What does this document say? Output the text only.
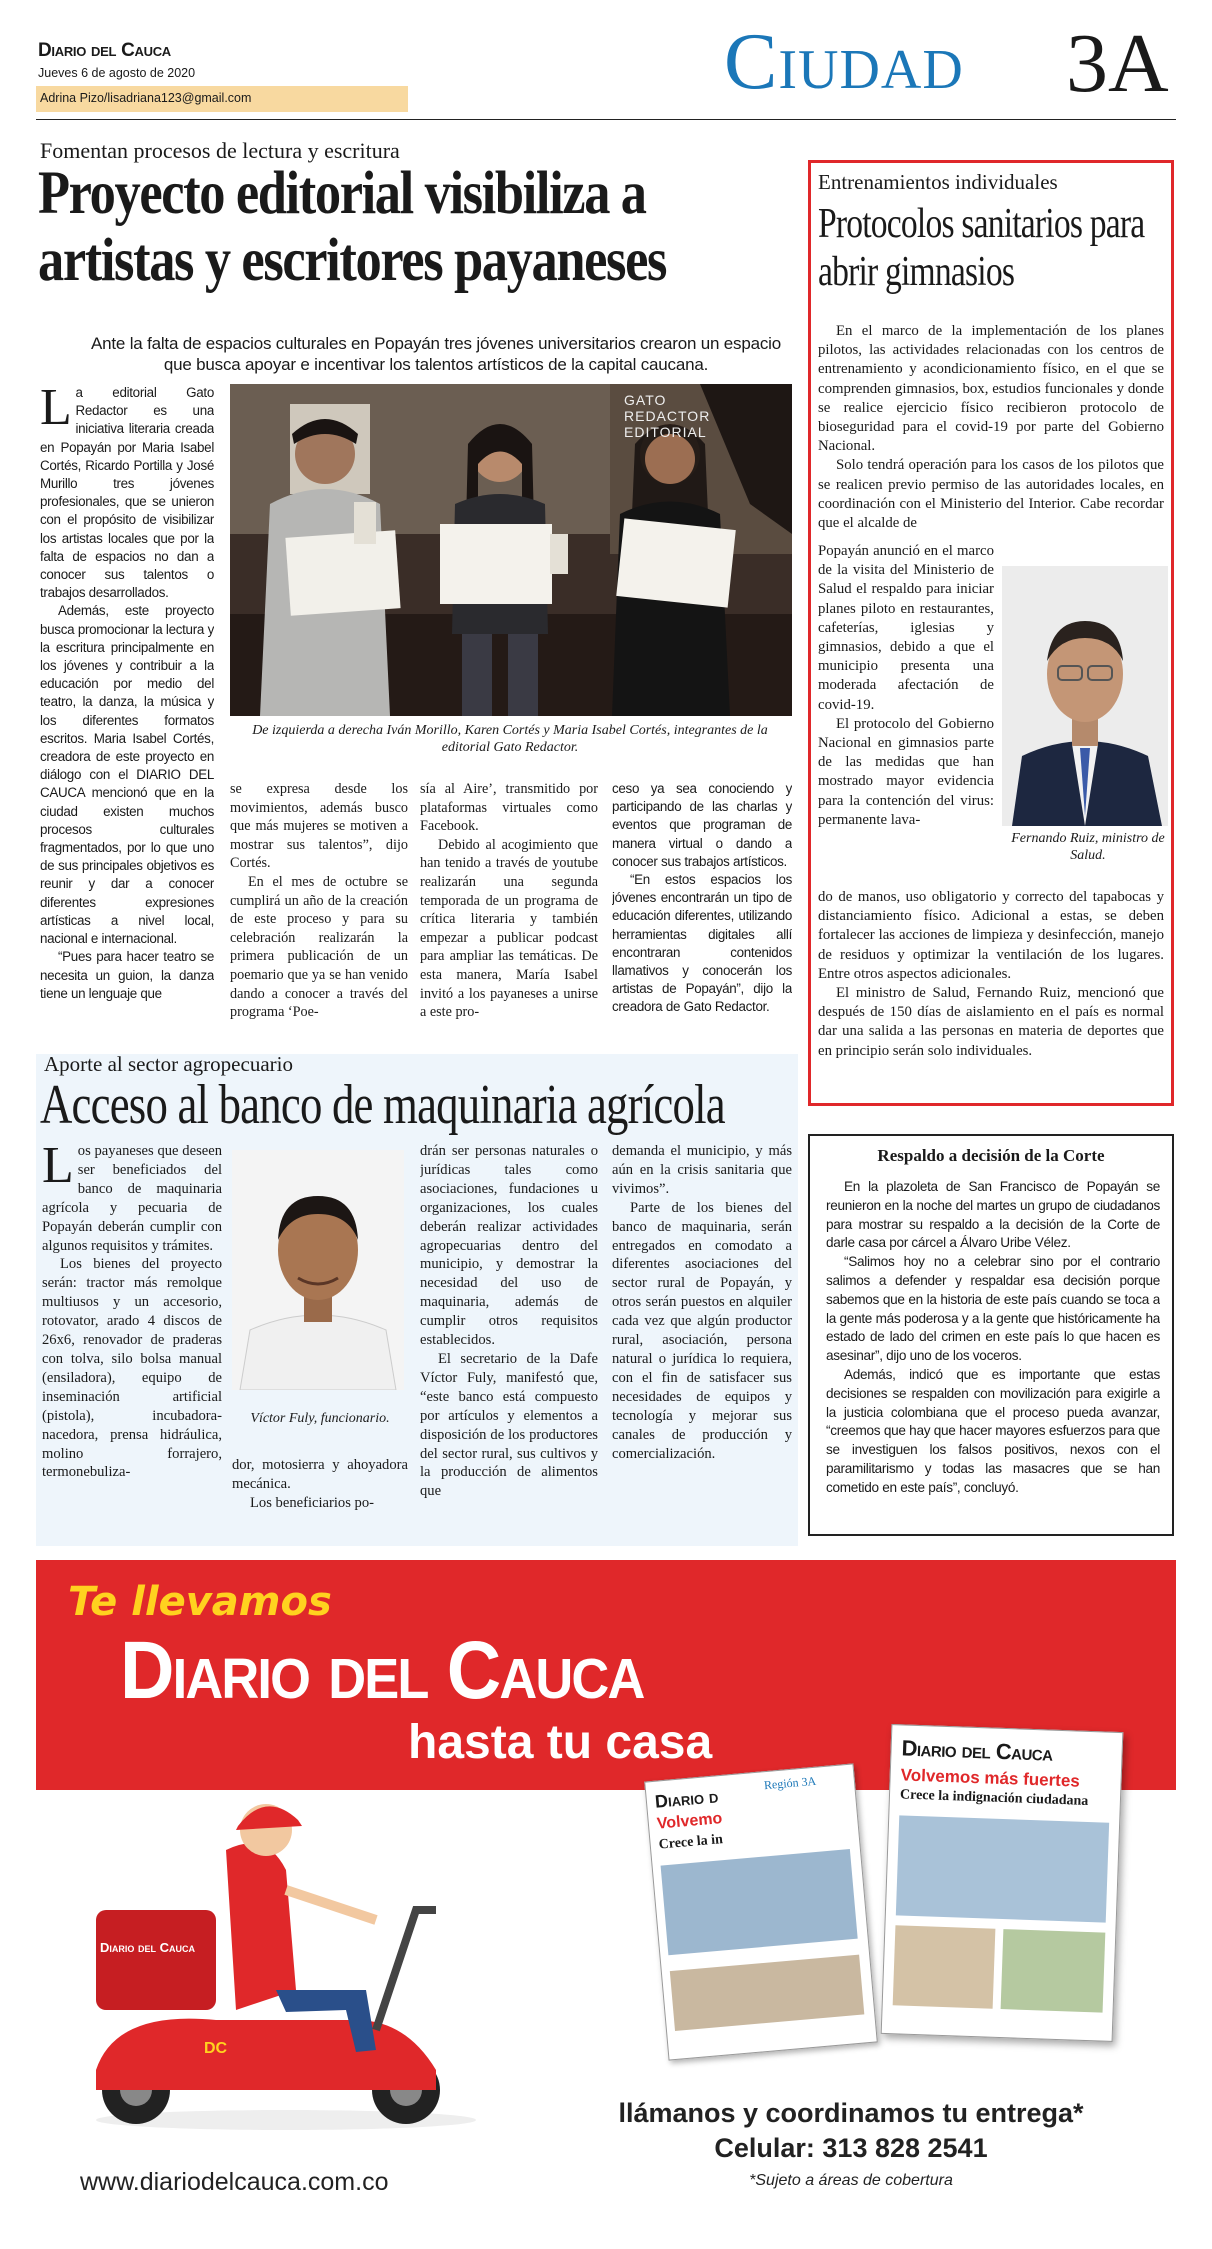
Diario del Cauca
Jueves 6 de agosto de 2020
Adrina Pizo/lisadriana123@gmail.com	Ciudad 3A
Fomentan procesos de lectura y escritura
Proyecto editorial visibiliza a artistas y escritores payaneses
Ante la falta de espacios culturales en Popayán tres jóvenes universitarios crearon un espacio que busca apoyar e incentivar los talentos artísticos de la capital caucana.

La editorial Gato Redactor es una iniciativa literaria creada en Popayán por Maria Isabel Cortés, Ricardo Portilla y José Murillo tres jóvenes profesionales, que se unieron con el propósito de visibilizar los artistas locales que por la falta de espacios no dan a conocer sus talentos o trabajos desarrollados.

Además, este proyecto busca promocionar la lectura y la escritura principalmente en los jóvenes y contribuir a la educación por medio del teatro, la danza, la música y los diferentes formatos escritos. Maria Isabel Cortés, creadora de este proyecto en diálogo con el DIARIO DEL CAUCA mencionó que en la ciudad existen muchos procesos culturales fragmentados, por lo que uno de sus principales objetivos es reunir y dar a conocer diferentes expresiones artísticas a nivel local, nacional e internacional.

“Pues para hacer teatro se necesita un guion, la danza tiene un lenguaje que

GATO REDACTOR EDITORIAL
De izquierda a derecha Iván Morillo, Karen Cortés y Maria Isabel Cortés, integrantes de la editorial Gato Redactor.

se expresa desde los movimientos, además busco que más mujeres se motiven a mostrar sus talentos”, dijo Cortés.

En el mes de octubre se cumplirá un año de la creación de este proceso y para su celebración realizarán la primera publicación de un poemario que ya se han venido dando a conocer a través del programa ‘Poe-

sía al Aire’, transmitido por plataformas virtuales como Facebook.

Debido al acogimiento que han tenido a través de youtube realizarán una segunda temporada de un programa de crítica literaria y también empezar a publicar podcast para ampliar las temáticas. De esta manera, María Isabel invitó a los payaneses a unirse a este pro-

ceso ya sea conociendo y participando de las charlas y eventos que programan de manera virtual o dando a conocer sus trabajos artísticos.

“En estos espacios los jóvenes encontrarán un tipo de educación diferentes, utilizando herramientas digitales allí encontraran contenidos llamativos y conocerán los artistas de Popayán”, dijo la creadora de Gato Redactor.

Entrenamientos individuales
Protocolos sanitarios para abrir gimnasios

En el marco de la implementación de los planes pilotos, las actividades relacionadas con los centros de entrenamiento y acondicionamiento físico, en el que se comprenden gimnasios, box, estudios funcionales y donde se realice ejercicio físico recibieron protocolo de bioseguridad para el covid-19 por parte del Gobierno Nacional.

Solo tendrá operación para los casos de los pilotos que se realicen previo permiso de las autoridades locales, en coordinación con el Ministerio del Interior. Cabe recordar que el alcalde de

Popayán anunció en el marco de la visita del Ministerio de Salud el respaldo para iniciar planes piloto en restaurantes, cafeterías, iglesias y gimnasios, debido a que el municipio presenta una moderada afectación de covid-19.

El protocolo del Gobierno Nacional en gimnasios parte de las medidas que han mostrado mayor evidencia para la contención del virus: permanente lava-

Fernando Ruiz, ministro de Salud.

do de manos, uso obligatorio y correcto del tapabocas y distanciamiento físico. Adicional a estas, se deben fortalecer las acciones de limpieza y desinfección, manejo de residuos y optimizar la ventilación de los lugares. Entre otros aspectos adicionales.

El ministro de Salud, Fernando Ruiz, mencionó que después de 150 días de aislamiento en el país es normal dar una salida a las personas en materia de deportes que en principio serán solo individuales.

Aporte al sector agropecuario
Acceso al banco de maquinaria agrícola

Los payaneses que deseen ser beneficiados del banco de maquinaria agrícola y pecuaria de Popayán deberán cumplir con algunos requisitos y trámites.

Los bienes del proyecto serán: tractor más remolque multiusos y un accesorio, rotovator, arado 4 discos de 26x6, renovador de praderas con tolva, silo bolsa manual (ensiladora), equipo de inseminación artificial (pistola), incubadora- nacedora, prensa hidráulica, molino forrajero, termonebuliza-

Víctor Fuly, funcionario.

dor, motosierra y ahoyadora mecánica.

Los beneficiarios po-

drán ser personas naturales o jurídicas tales como asociaciones, fundaciones u organizaciones, los cuales deberán realizar actividades agropecuarias dentro del municipio, y demostrar la necesidad del uso de maquinaria, además de cumplir otros requisitos establecidos.

El secretario de la Dafe Víctor Fuly, manifestó que, “este banco está compuesto por artículos y elementos a disposición de los productores del sector rural, sus cultivos y la producción de alimentos que

demanda el municipio, y más aún en la crisis sanitaria que vivimos”.

Parte de los bienes del banco de maquinaria, serán entregados en comodato a diferentes asociaciones del sector rural de Popayán, y otros serán puestos en alquiler cada vez que algún productor rural, asociación, persona natural o jurídica lo requiera, con el fin de satisfacer sus necesidades de equipos y tecnología y mejorar sus canales de producción y comercialización.

Respaldo a decisión de la Corte

En la plazoleta de San Francisco de Popayán se reunieron en la noche del martes un grupo de ciudadanos para mostrar su respaldo a la decisión de la Corte de darle casa por cárcel a Álvaro Uribe Vélez.

“Salimos hoy no a celebrar sino por el contrario salimos a defender y respaldar esa decisión porque sabemos que en la historia de este país cuando se toca a la gente más poderosa y a la gente que históricamente ha estado de lado del crimen en este país lo que hacen es asesinar”, dijo uno de los voceros.

Además, indicó que es importante que estas decisiones se respalden con movilización para exigirle a la justicia colombiana que el proceso pueda avanzar, “creemos que hay que hacer mayores esfuerzos para que se investiguen los falsos positivos, nexos con el paramilitarismo y todas las masacres que se han cometido en este país”, concluyó.

Te llevamos
Diario del Cauca
hasta tu casa
Diario del Cauca
DC
Diario d
Región 3A
Volvemo
Crece la in
Diario del Cauca
Volvemos más fuertes
Crece la indignación ciudadana
llámanos y coordinamos tu entrega*
Celular: 313 828 2541
*Sujeto a áreas de cobertura
www.diariodelcauca.com.co
